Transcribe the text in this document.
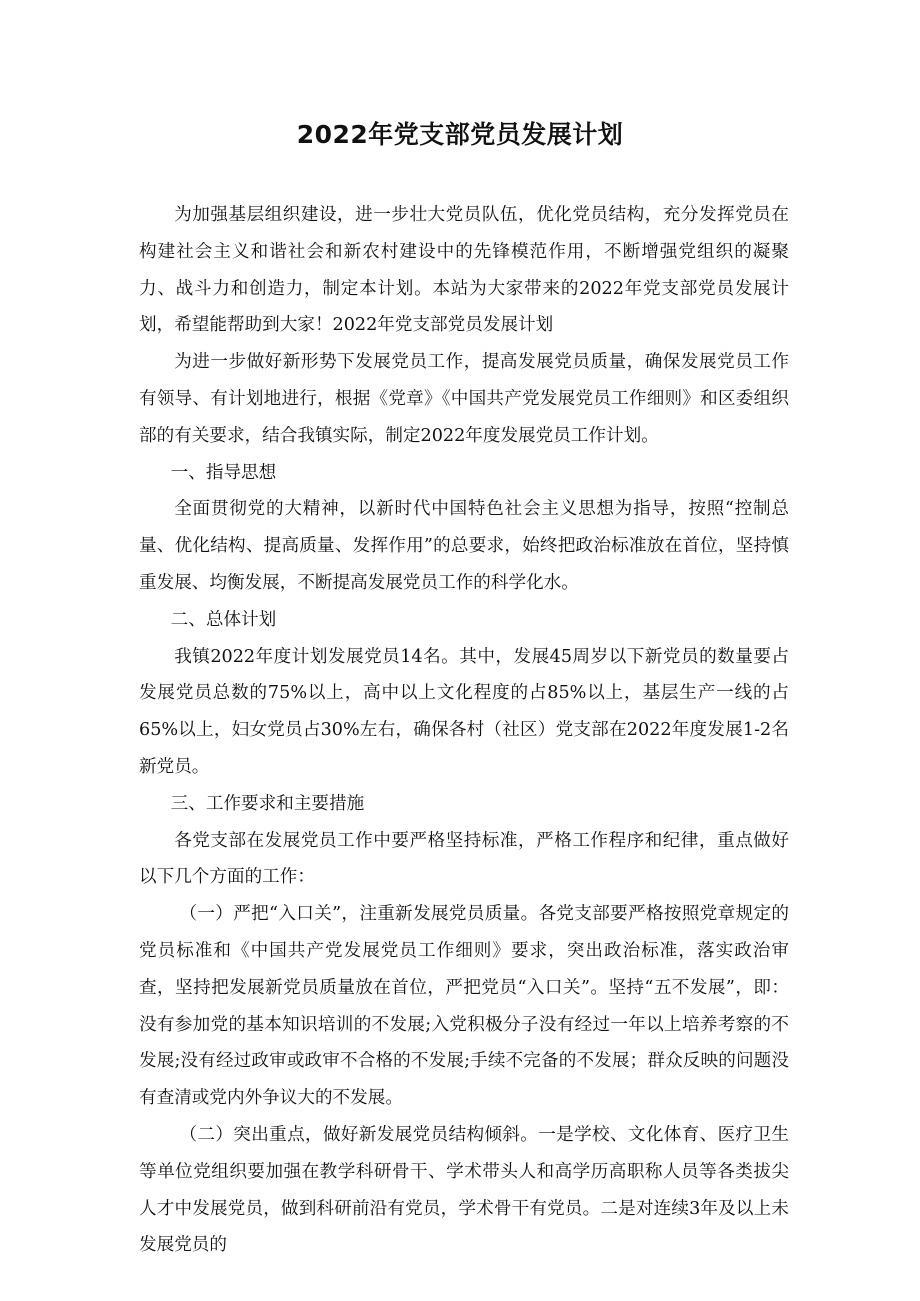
2022年党支部党员发展计划

为加强基层组织建设，进一步壮大党员队伍，优化党员结构，充分发挥党员在构建社会主义和谐社会和新农村建设中的先锋模范作用，不断增强党组织的凝聚力、战斗力和创造力，制定本计划。本站为大家带来的2022年党支部党员发展计划，希望能帮助到大家！2022年党支部党员发展计划

为进一步做好新形势下发展党员工作，提高发展党员质量，确保发展党员工作有领导、有计划地进行，根据《党章》《中国共产党发展党员工作细则》和区委组织部的有关要求，结合我镇实际，制定2022年度发展党员工作计划。

一、指导思想

全面贯彻党的大精神，以新时代中国特色社会主义思想为指导，按照“控制总量、优化结构、提高质量、发挥作用”的总要求，始终把政治标准放在首位，坚持慎重发展、均衡发展，不断提高发展党员工作的科学化水。

二、总体计划

我镇2022年度计划发展党员14名。其中，发展45周岁以下新党员的数量要占发展党员总数的75%以上，高中以上文化程度的占85%以上，基层生产一线的占65%以上，妇女党员占30%左右，确保各村（社区）党支部在2022年度发展1-2名新党员。

三、工作要求和主要措施

各党支部在发展党员工作中要严格坚持标准，严格工作程序和纪律，重点做好以下几个方面的工作：

（一）严把“入口关”，注重新发展党员质量。各党支部要严格按照党章规定的党员标准和《中国共产党发展党员工作细则》要求，突出政治标准，落实政治审查，坚持把发展新党员质量放在首位，严把党员“入口关”。坚持“五不发展”，即：没有参加党的基本知识培训的不发展;入党积极分子没有经过一年以上培养考察的不发展;没有经过政审或政审不合格的不发展;手续不完备的不发展；群众反映的问题没有查清或党内外争议大的不发展。

（二）突出重点，做好新发展党员结构倾斜。一是学校、文化体育、医疗卫生等单位党组织要加强在教学科研骨干、学术带头人和高学历高职称人员等各类拔尖人才中发展党员，做到科研前沿有党员，学术骨干有党员。二是对连续3年及以上未发展党员的
